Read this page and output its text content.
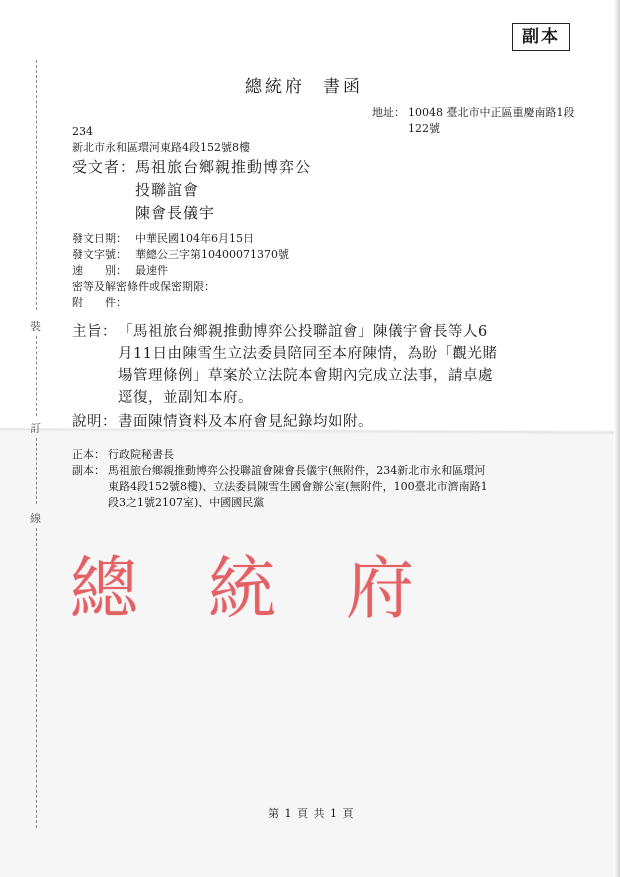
副本
總統府 書函
地址： 10048 臺北市中正區重慶南路1段
122號
234
新北市永和區環河東路4段152號8樓
受文者：
馬祖旅台鄉親推動博弈公
投聯誼會
陳會長儀宇
發文日期： 中華民國104年6月15日
發文字號： 華總公三字第10400071370號
速　　別： 最速件
密等及解密條件或保密期限：
附　　件：
主旨： 「馬祖旅台鄉親推動博弈公投聯誼會」陳儀宇會長等人6
月11日由陳雪生立法委員陪同至本府陳情，為盼「觀光賭
場管理條例」草案於立法院本會期內完成立法事，請卓處
逕復，並副知本府。
說明： 書面陳情資料及本府會見紀錄均如附。
正本： 行政院秘書長
副本： 馬祖旅台鄉親推動博弈公投聯誼會陳會長儀宇(無附件，234新北市永和區環河
東路4段152號8樓)、立法委員陳雪生國會辦公室(無附件，100臺北市濟南路1
段3之1號2107室)、中國國民黨
裝
訂
線
總 統 府
第 1 頁 共 1 頁
